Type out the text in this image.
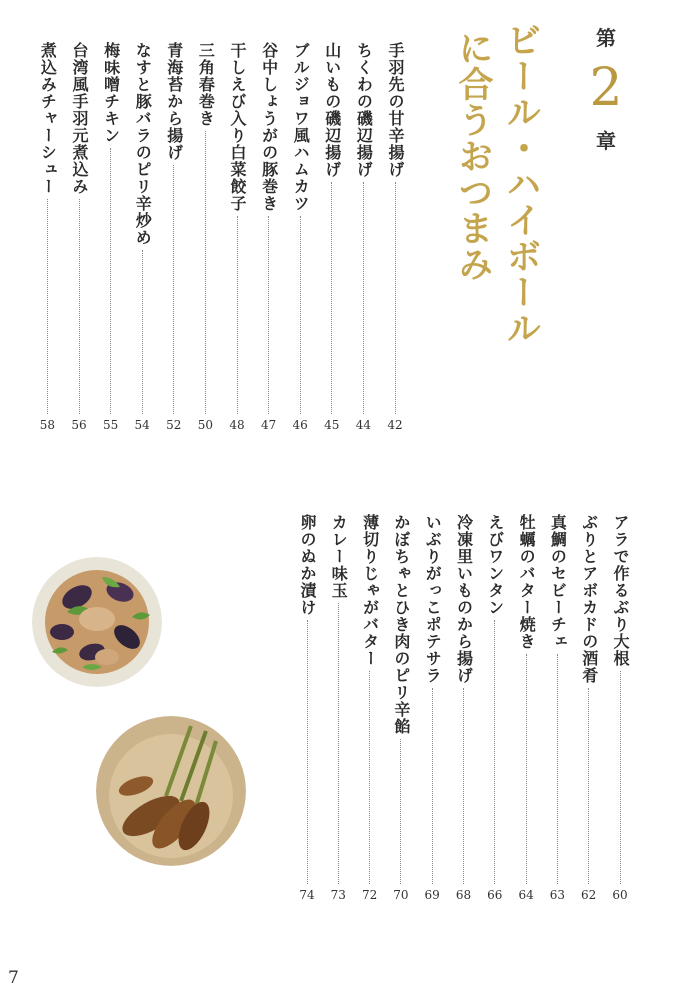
第
2
章
ビール・ハイボール
に合うおつまみ
手羽先の甘辛揚げ
42
ちくわの磯辺揚げ
44
山いもの磯辺揚げ
45
ブルジョワ風ハムカツ
46
谷中しょうがの豚巻き
47
干しえび入り白菜餃子
48
三角春巻き
50
青海苔から揚げ
52
なすと豚バラのピリ辛炒め
54
梅味噌チキン
55
台湾風手羽元煮込み
56
煮込みチャーシュー
58
アラで作るぶり大根
60
ぶりとアボカドの酒肴
62
真鯛のセビーチェ
63
牡蠣のバター焼き
64
えびワンタン
66
冷凍里いものから揚げ
68
いぶりがっこポテサラ
69
かぼちゃとひき肉のピリ辛餡
70
薄切りじゃがバター
72
カレー味玉
73
卵のぬか漬け
74
7
